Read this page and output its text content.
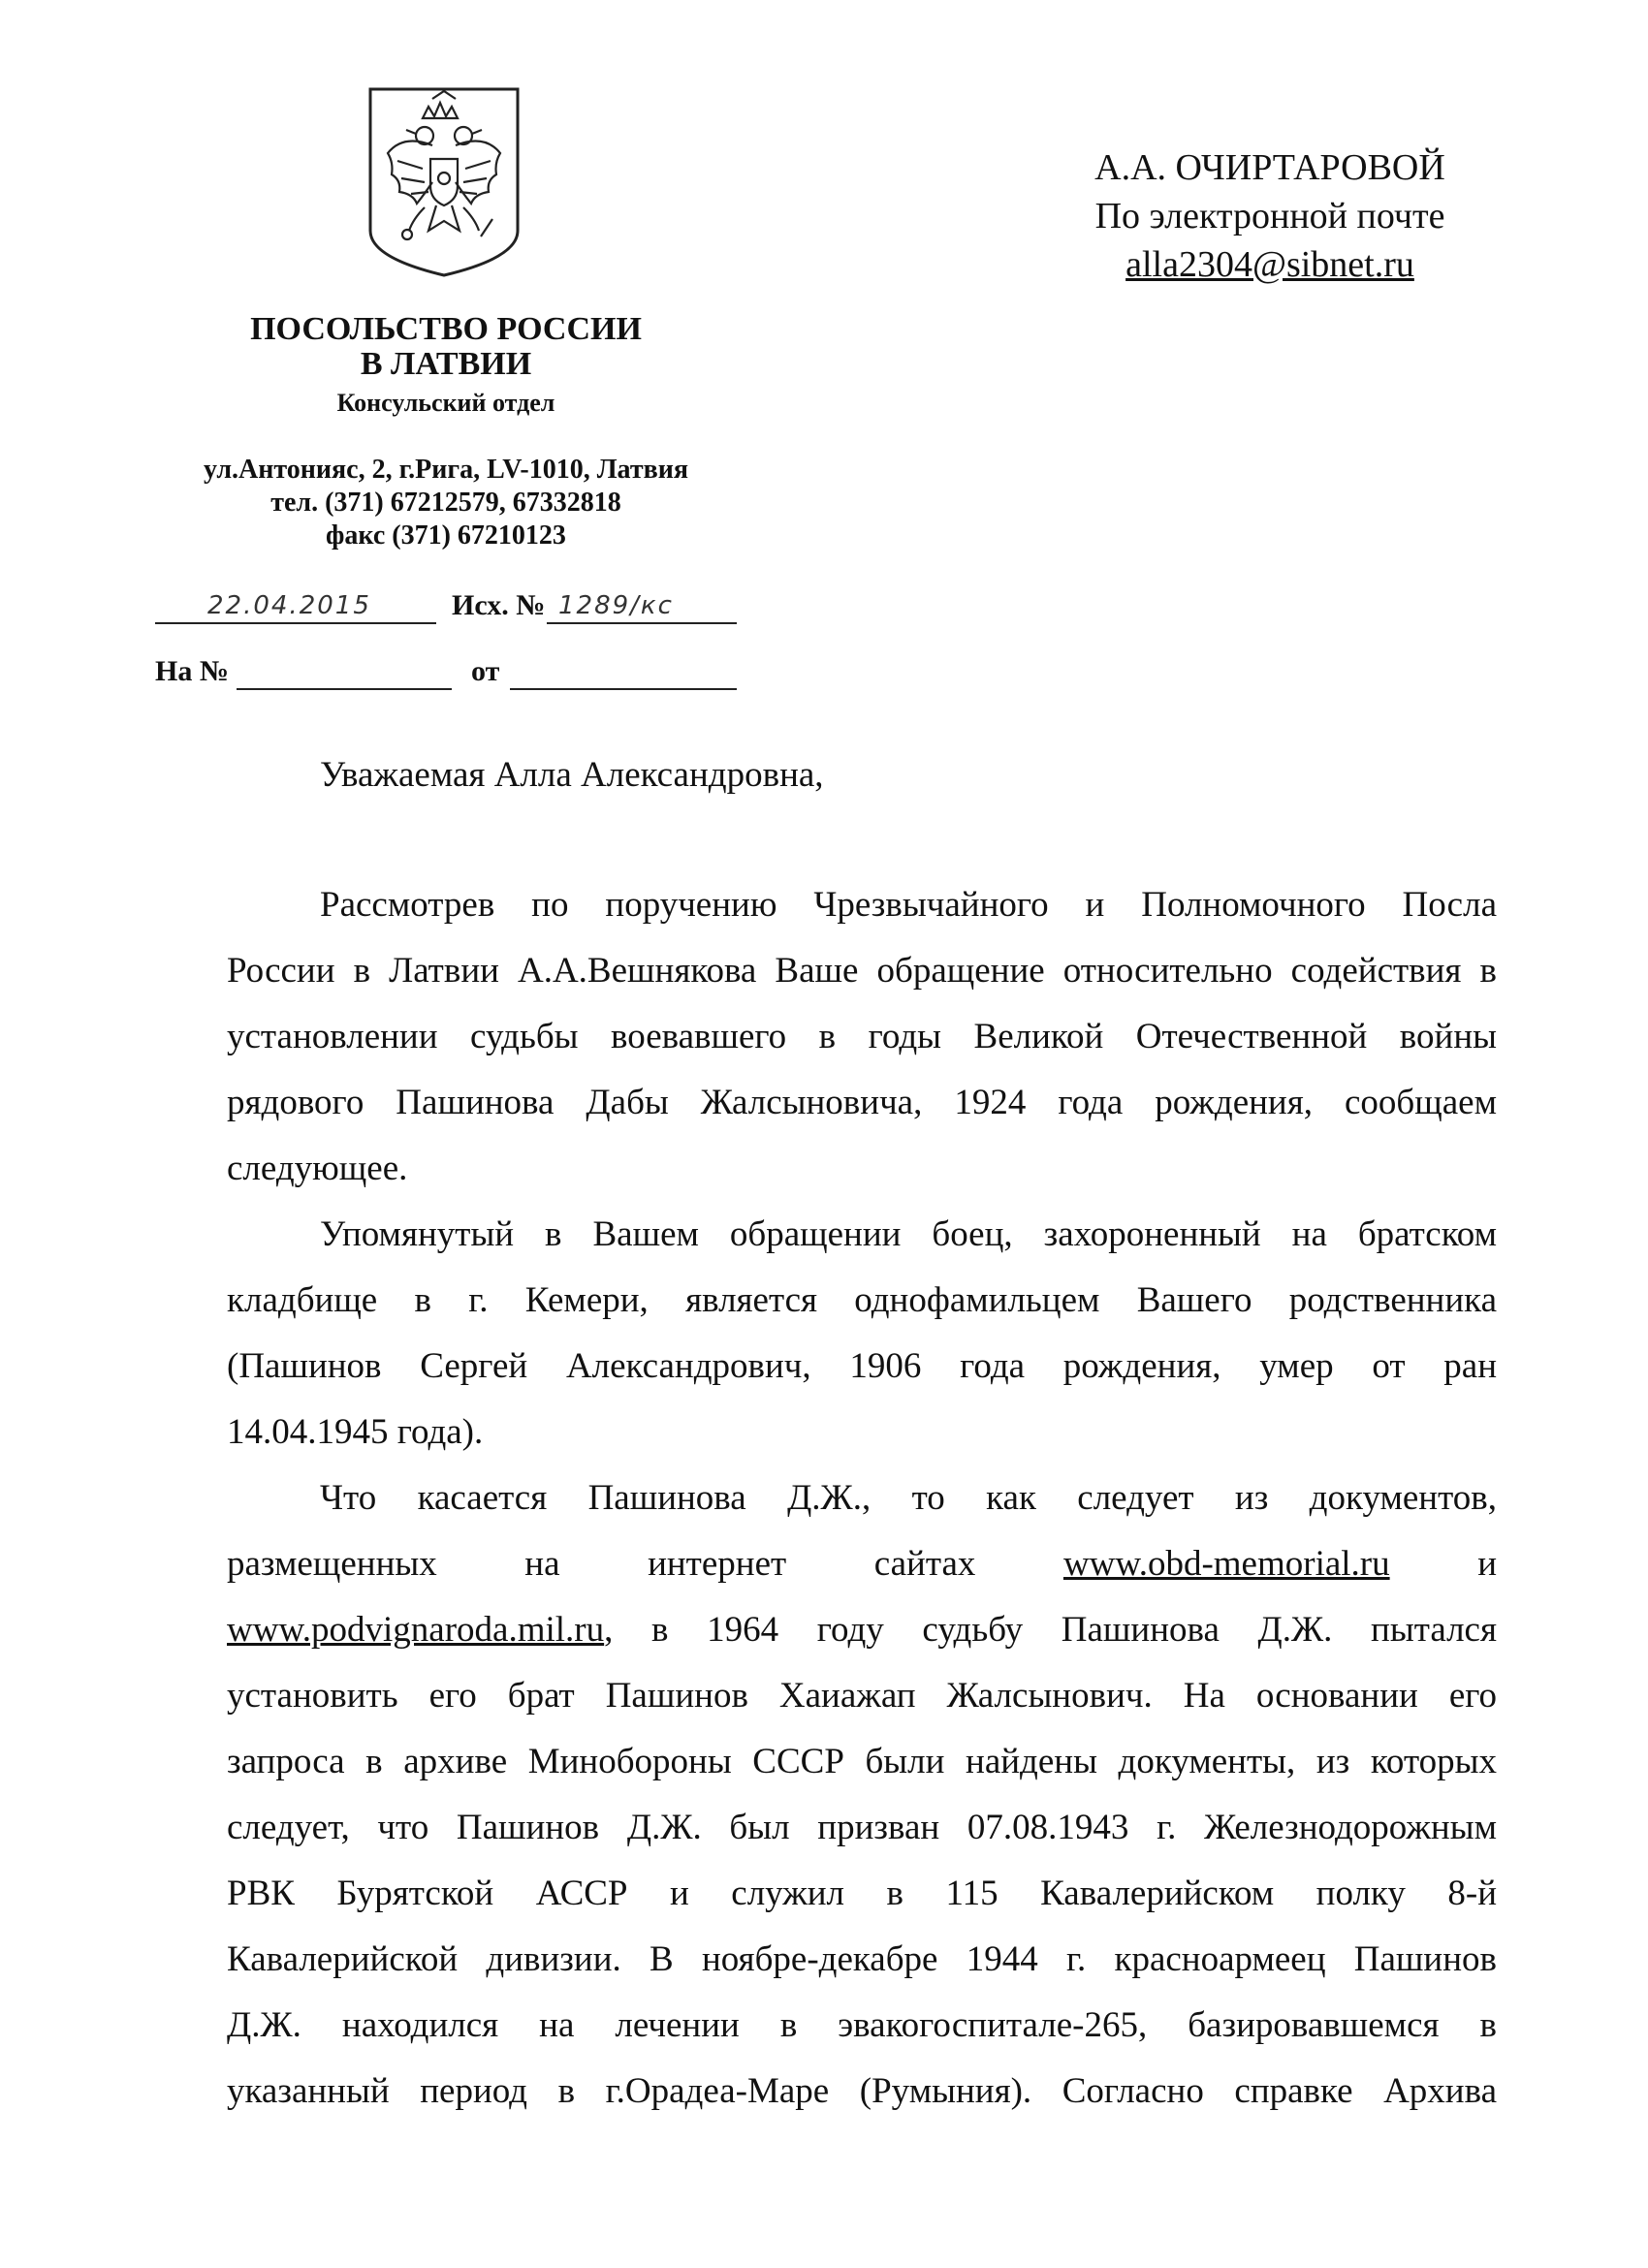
ПОСОЛЬСТВО РОССИИ
В ЛАТВИИ
Консульский отдел
ул.Антонияс, 2, г.Рига, LV-1010, Латвия
тел. (371) 67212579, 67332818
факс (371) 67210123
22.04.2015	Исх. № 1289/кс
На №	от
А.А. ОЧИРТАРОВОЙ
По электронной почте
alla2304@sibnet.ru
Уважаемая Алла Александровна,

Рассмотрев по поручению Чрезвычайного и Полномочного Посла
России в Латвии А.А.Вешнякова Ваше обращение относительно содействия в
установлении судьбы воевавшего в годы Великой Отечественной войны
рядового Пашинова Дабы Жалсыновича, 1924 года рождения, сообщаем
следующее.

Упомянутый в Вашем обращении боец, захороненный на братском
кладбище в г. Кемери, является однофамильцем Вашего родственника
(Пашинов Сергей Александрович, 1906 года рождения, умер от ран
14.04.1945 года).

Что касается Пашинова Д.Ж., то как следует из документов,
размещенных на интернет сайтах www.obd-memorial.ru и
www.podvignaroda.mil.ru, в 1964 году судьбу Пашинова Д.Ж. пытался
установить его брат Пашинов Хаиажап Жалсынович. На основании его
запроса в архиве Минобороны СССР были найдены документы, из которых
следует, что Пашинов Д.Ж. был призван 07.08.1943 г. Железнодорожным
РВК Бурятской АССР и служил в 115 Кавалерийском полку 8-й
Кавалерийской дивизии. В ноябре-декабре 1944 г. красноармеец Пашинов
Д.Ж. находился на лечении в эвакогоспитале-265, базировавшемся в
указанный период в г.Орадеа-Маре (Румыния). Согласно справке Архива
